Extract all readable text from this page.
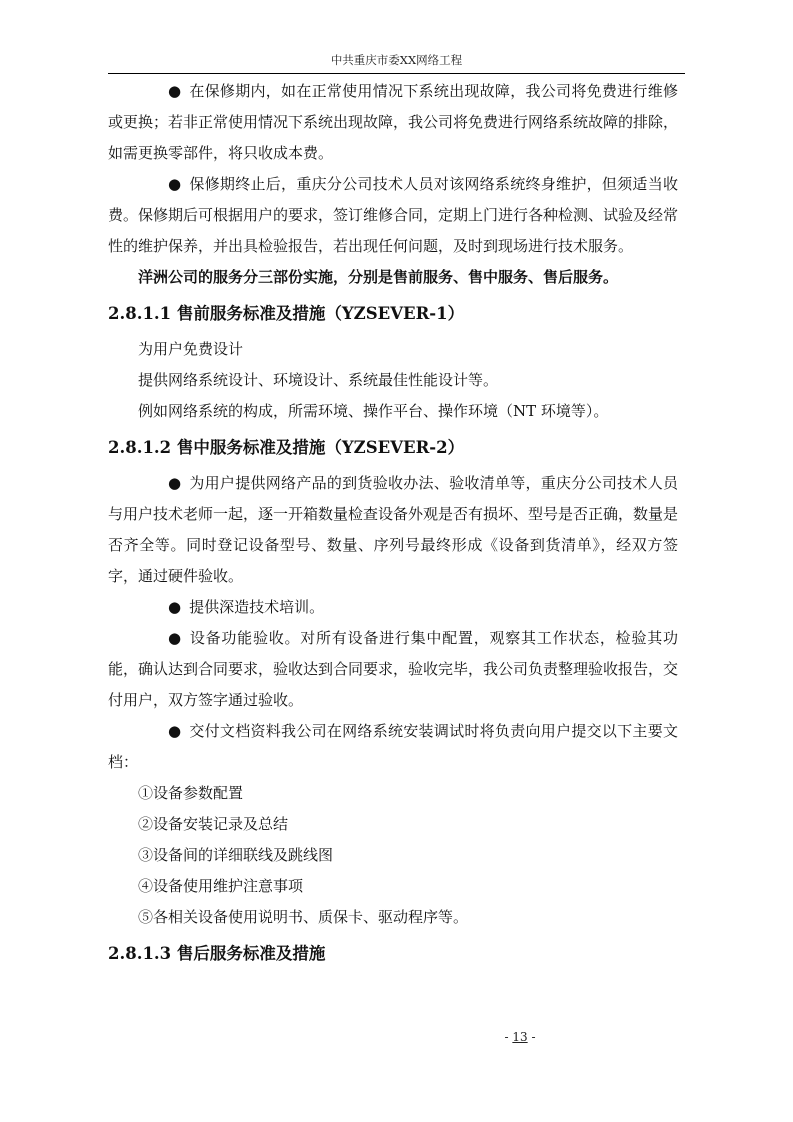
中共重庆市委XX网络工程

● 在保修期内，如在正常使用情况下系统出现故障，我公司将免费进行维修或更换；若非正常使用情况下系统出现故障，我公司将免费进行网络系统故障的排除，如需更换零部件，将只收成本费。

● 保修期终止后，重庆分公司技术人员对该网络系统终身维护，但须适当收费。保修期后可根据用户的要求，签订维修合同，定期上门进行各种检测、试验及经常性的维护保养，并出具检验报告，若出现任何问题，及时到现场进行技术服务。

洋洲公司的服务分三部份实施，分别是售前服务、售中服务、售后服务。

2.8.1.1 售前服务标准及措施（YZSEVER-1）

为用户免费设计

提供网络系统设计、环境设计、系统最佳性能设计等。

例如网络系统的构成，所需环境、操作平台、操作环境（NT 环境等）。

2.8.1.2 售中服务标准及措施（YZSEVER-2）

● 为用户提供网络产品的到货验收办法、验收清单等，重庆分公司技术人员与用户技术老师一起，逐一开箱数量检查设备外观是否有损坏、型号是否正确，数量是否齐全等。同时登记设备型号、数量、序列号最终形成《设备到货清单》，经双方签字，通过硬件验收。

● 提供深造技术培训。

● 设备功能验收。对所有设备进行集中配置，观察其工作状态，检验其功能，确认达到合同要求，验收达到合同要求，验收完毕，我公司负责整理验收报告，交付用户，双方签字通过验收。

● 交付文档资料我公司在网络系统安装调试时将负责向用户提交以下主要文档：

①设备参数配置

②设备安装记录及总结

③设备间的详细联线及跳线图

④设备使用维护注意事项

⑤各相关设备使用说明书、质保卡、驱动程序等。

2.8.1.3 售后服务标准及措施
- 13 -
